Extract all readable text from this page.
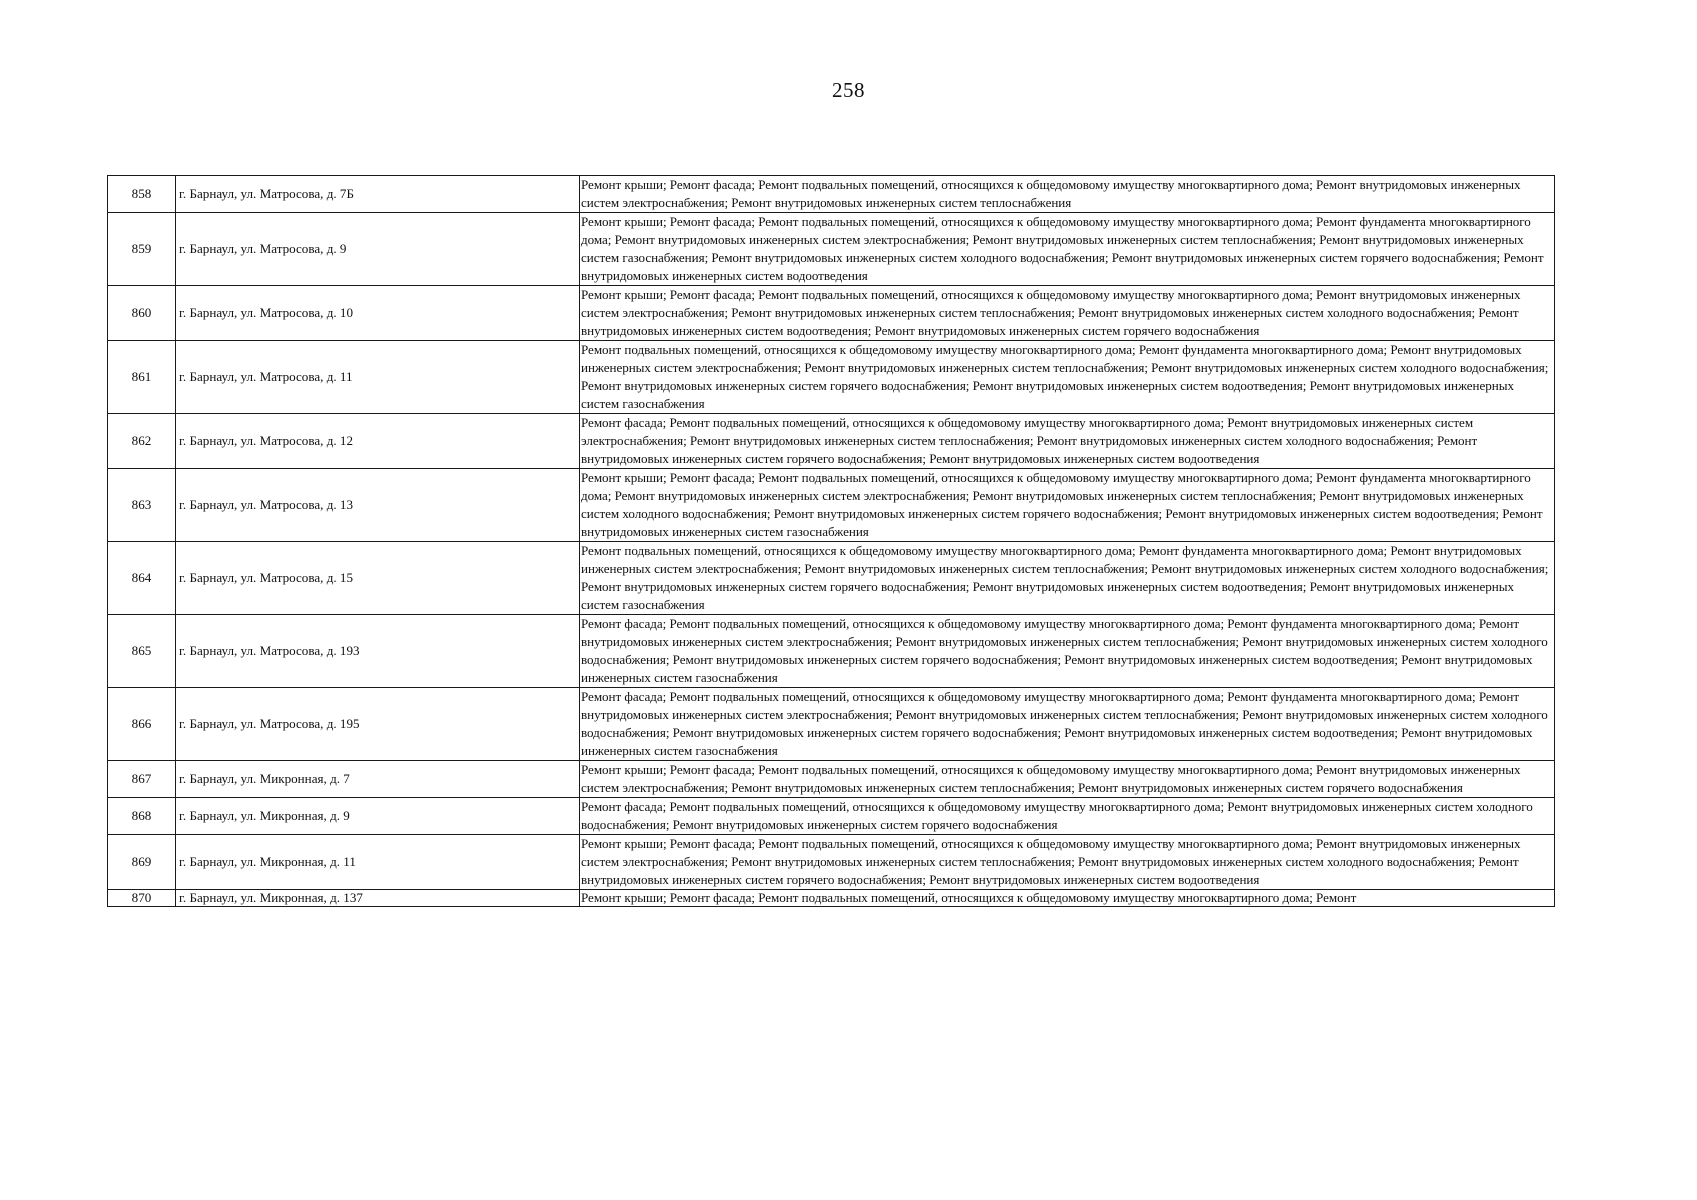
258
858	г. Барнаул, ул. Матросова, д. 7Б	Ремонт крыши; Ремонт фасада; Ремонт подвальных помещений, относящихся к общедомовому имуществу многоквартирного дома; Ремонт внутридомовых инженерных систем электроснабжения; Ремонт внутридомовых инженерных систем теплоснабжения
859	г. Барнаул, ул. Матросова, д. 9	Ремонт крыши; Ремонт фасада; Ремонт подвальных помещений, относящихся к общедомовому имуществу многоквартирного дома; Ремонт фундамента многоквартирного дома; Ремонт внутридомовых инженерных систем электроснабжения; Ремонт внутридомовых инженерных систем теплоснабжения; Ремонт внутридомовых инженерных систем газоснабжения; Ремонт внутридомовых инженерных систем холодного водоснабжения; Ремонт внутридомовых инженерных систем горячего водоснабжения; Ремонт внутридомовых инженерных систем водоотведения
860	г. Барнаул, ул. Матросова, д. 10	Ремонт крыши; Ремонт фасада; Ремонт подвальных помещений, относящихся к общедомовому имуществу многоквартирного дома; Ремонт внутридомовых инженерных систем электроснабжения; Ремонт внутридомовых инженерных систем теплоснабжения; Ремонт внутридомовых инженерных систем холодного водоснабжения; Ремонт внутридомовых инженерных систем водоотведения; Ремонт внутридомовых инженерных систем горячего водоснабжения
861	г. Барнаул, ул. Матросова, д. 11	Ремонт подвальных помещений, относящихся к общедомовому имуществу многоквартирного дома; Ремонт фундамента многоквартирного дома; Ремонт внутридомовых инженерных систем электроснабжения; Ремонт внутридомовых инженерных систем теплоснабжения; Ремонт внутридомовых инженерных систем холодного водоснабжения; Ремонт внутридомовых инженерных систем горячего водоснабжения; Ремонт внутридомовых инженерных систем водоотведения; Ремонт внутридомовых инженерных систем газоснабжения
862	г. Барнаул, ул. Матросова, д. 12	Ремонт фасада; Ремонт подвальных помещений, относящихся к общедомовому имуществу многоквартирного дома; Ремонт внутридомовых инженерных систем электроснабжения; Ремонт внутридомовых инженерных систем теплоснабжения; Ремонт внутридомовых инженерных систем холодного водоснабжения; Ремонт внутридомовых инженерных систем горячего водоснабжения; Ремонт внутридомовых инженерных систем водоотведения
863	г. Барнаул, ул. Матросова, д. 13	Ремонт крыши; Ремонт фасада; Ремонт подвальных помещений, относящихся к общедомовому имуществу многоквартирного дома; Ремонт фундамента многоквартирного дома; Ремонт внутридомовых инженерных систем электроснабжения; Ремонт внутридомовых инженерных систем теплоснабжения; Ремонт внутридомовых инженерных систем холодного водоснабжения; Ремонт внутридомовых инженерных систем горячего водоснабжения; Ремонт внутридомовых инженерных систем водоотведения; Ремонт внутридомовых инженерных систем газоснабжения
864	г. Барнаул, ул. Матросова, д. 15	Ремонт подвальных помещений, относящихся к общедомовому имуществу многоквартирного дома; Ремонт фундамента многоквартирного дома; Ремонт внутридомовых инженерных систем электроснабжения; Ремонт внутридомовых инженерных систем теплоснабжения; Ремонт внутридомовых инженерных систем холодного водоснабжения; Ремонт внутридомовых инженерных систем горячего водоснабжения; Ремонт внутридомовых инженерных систем водоотведения; Ремонт внутридомовых инженерных систем газоснабжения
865	г. Барнаул, ул. Матросова, д. 193	Ремонт фасада; Ремонт подвальных помещений, относящихся к общедомовому имуществу многоквартирного дома; Ремонт фундамента многоквартирного дома; Ремонт внутридомовых инженерных систем электроснабжения; Ремонт внутридомовых инженерных систем теплоснабжения; Ремонт внутридомовых инженерных систем холодного водоснабжения; Ремонт внутридомовых инженерных систем горячего водоснабжения; Ремонт внутридомовых инженерных систем водоотведения; Ремонт внутридомовых инженерных систем газоснабжения
866	г. Барнаул, ул. Матросова, д. 195	Ремонт фасада; Ремонт подвальных помещений, относящихся к общедомовому имуществу многоквартирного дома; Ремонт фундамента многоквартирного дома; Ремонт внутридомовых инженерных систем электроснабжения; Ремонт внутридомовых инженерных систем теплоснабжения; Ремонт внутридомовых инженерных систем холодного водоснабжения; Ремонт внутридомовых инженерных систем горячего водоснабжения; Ремонт внутридомовых инженерных систем водоотведения; Ремонт внутридомовых инженерных систем газоснабжения
867	г. Барнаул, ул. Микронная, д. 7	Ремонт крыши; Ремонт фасада; Ремонт подвальных помещений, относящихся к общедомовому имуществу многоквартирного дома; Ремонт внутридомовых инженерных систем электроснабжения; Ремонт внутридомовых инженерных систем теплоснабжения; Ремонт внутридомовых инженерных систем горячего водоснабжения
868	г. Барнаул, ул. Микронная, д. 9	Ремонт фасада; Ремонт подвальных помещений, относящихся к общедомовому имуществу многоквартирного дома; Ремонт внутридомовых инженерных систем холодного водоснабжения; Ремонт внутридомовых инженерных систем горячего водоснабжения
869	г. Барнаул, ул. Микронная, д. 11	Ремонт крыши; Ремонт фасада; Ремонт подвальных помещений, относящихся к общедомовому имуществу многоквартирного дома; Ремонт внутридомовых инженерных систем электроснабжения; Ремонт внутридомовых инженерных систем теплоснабжения; Ремонт внутридомовых инженерных систем холодного водоснабжения; Ремонт внутридомовых инженерных систем горячего водоснабжения; Ремонт внутридомовых инженерных систем водоотведения
870	г. Барнаул, ул. Микронная, д. 137	Ремонт крыши; Ремонт фасада; Ремонт подвальных помещений, относящихся к общедомовому имуществу многоквартирного дома; Ремонт
